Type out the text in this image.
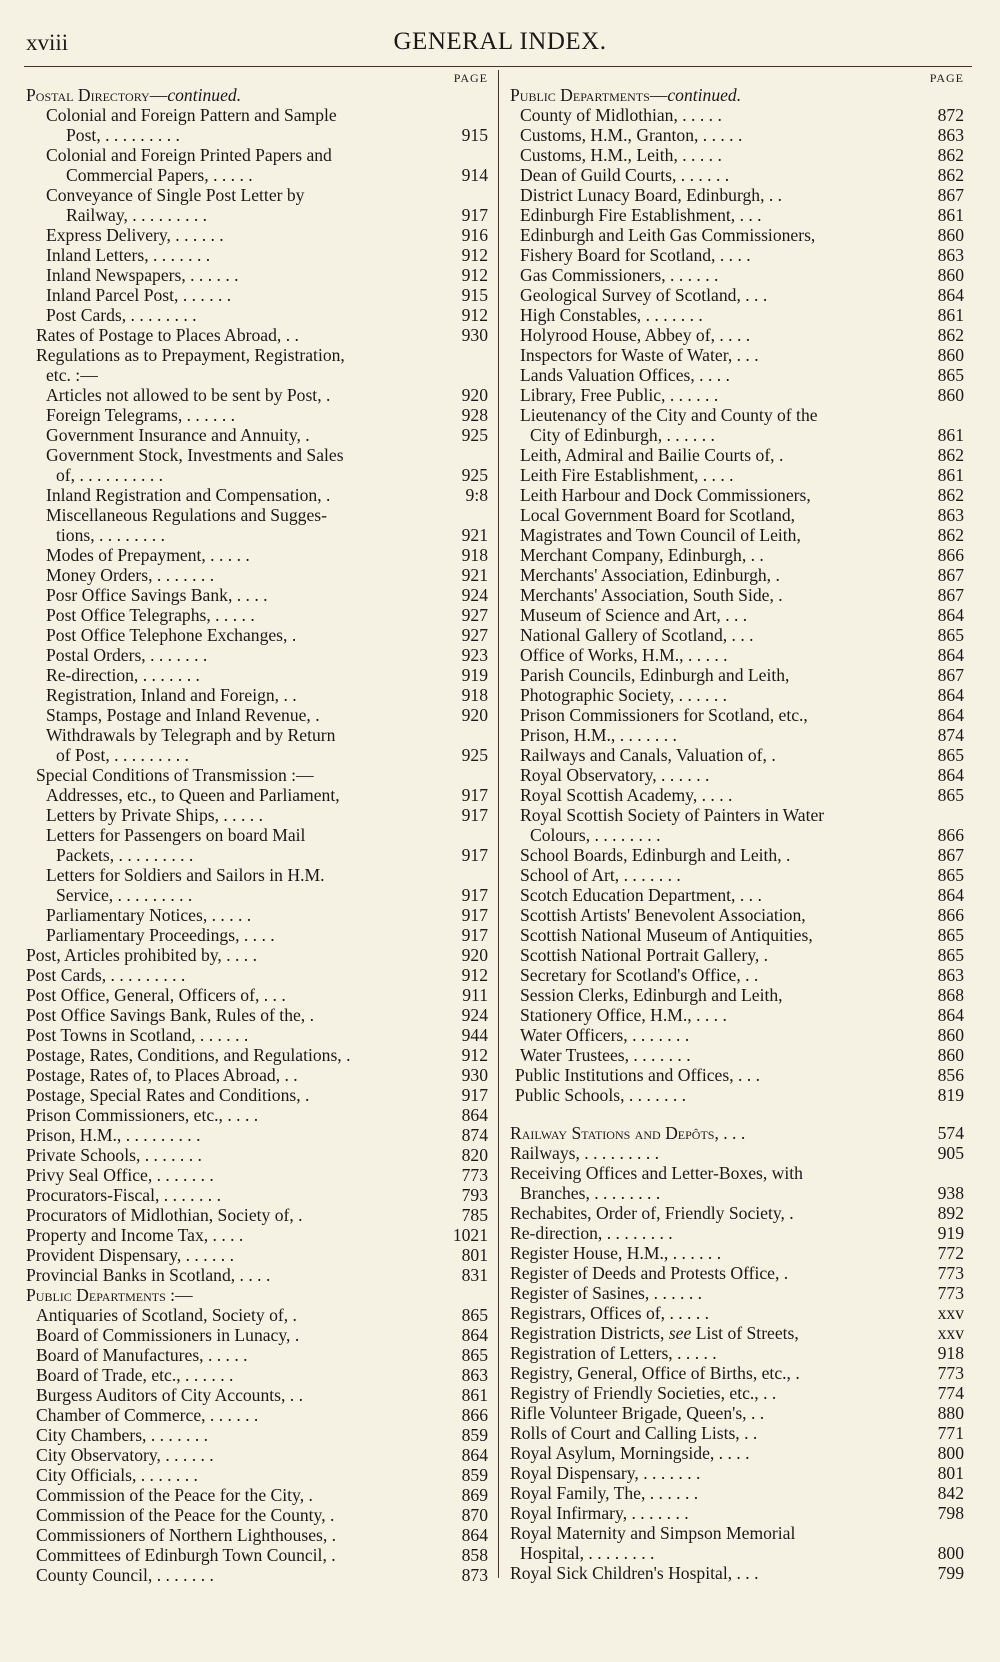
xviii	GENERAL INDEX.
PAGE
Postal Directory—continued.
Colonial and Foreign Pattern and Sample
Post, . . . . . . . . .	915
Colonial and Foreign Printed Papers and
Commercial Papers, . . . . .	914
Conveyance of Single Post Letter by
Railway, . . . . . . . . .	917
Express Delivery, . . . . . .	916
Inland Letters, . . . . . . .	912
Inland Newspapers, . . . . . .	912
Inland Parcel Post, . . . . . .	915
Post Cards, . . . . . . . .	912
Rates of Postage to Places Abroad, . .	930
Regulations as to Prepayment, Registration,
etc. :—
Articles not allowed to be sent by Post, .	920
Foreign Telegrams, . . . . . .	928
Government Insurance and Annuity, .	925
Government Stock, Investments and Sales
of, . . . . . . . . . .	925
Inland Registration and Compensation, .	9:8
Miscellaneous Regulations and Sugges-
tions, . . . . . . . .	921
Modes of Prepayment, . . . . .	918
Money Orders, . . . . . . .	921
Posr Office Savings Bank, . . . .	924
Post Office Telegraphs, . . . . .	927
Post Office Telephone Exchanges, .	927
Postal Orders, . . . . . . .	923
Re-direction, . . . . . . .	919
Registration, Inland and Foreign, . .	918
Stamps, Postage and Inland Revenue, .	920
Withdrawals by Telegraph and by Return
of Post, . . . . . . . . .	925
Special Conditions of Transmission :—
Addresses, etc., to Queen and Parliament,	917
Letters by Private Ships, . . . . .	917
Letters for Passengers on board Mail
Packets, . . . . . . . . .	917
Letters for Soldiers and Sailors in H.M.
Service, . . . . . . . . .	917
Parliamentary Notices, . . . . .	917
Parliamentary Proceedings, . . . .	917
Post, Articles prohibited by, . . . .	920
Post Cards, . . . . . . . . .	912
Post Office, General, Officers of, . . .	911
Post Office Savings Bank, Rules of the, .	924
Post Towns in Scotland, . . . . . .	944
Postage, Rates, Conditions, and Regulations, .	912
Postage, Rates of, to Places Abroad, . .	930
Postage, Special Rates and Conditions, .	917
Prison Commissioners, etc., . . . .	864
Prison, H.M., . . . . . . . . .	874
Private Schools, . . . . . . .	820
Privy Seal Office, . . . . . . .	773
Procurators-Fiscal, . . . . . . .	793
Procurators of Midlothian, Society of, .	785
Property and Income Tax, . . . .	1021
Provident Dispensary, . . . . . .	801
Provincial Banks in Scotland, . . . .	831
Public Departments :—
Antiquaries of Scotland, Society of, .	865
Board of Commissioners in Lunacy, .	864
Board of Manufactures, . . . . .	865
Board of Trade, etc., . . . . . .	863
Burgess Auditors of City Accounts, . .	861
Chamber of Commerce, . . . . . .	866
City Chambers, . . . . . . .	859
City Observatory, . . . . . .	864
City Officials, . . . . . . .	859
Commission of the Peace for the City, .	869
Commission of the Peace for the County, .	870
Commissioners of Northern Lighthouses, .	864
Committees of Edinburgh Town Council, .	858
County Council, . . . . . . .	873
PAGE
Public Departments—continued.
County of Midlothian, . . . . .	872
Customs, H.M., Granton, . . . . .	863
Customs, H.M., Leith, . . . . .	862
Dean of Guild Courts, . . . . . .	862
District Lunacy Board, Edinburgh, . .	867
Edinburgh Fire Establishment, . . .	861
Edinburgh and Leith Gas Commissioners,	860
Fishery Board for Scotland, . . . .	863
Gas Commissioners, . . . . . .	860
Geological Survey of Scotland, . . .	864
High Constables, . . . . . . .	861
Holyrood House, Abbey of, . . . .	862
Inspectors for Waste of Water, . . .	860
Lands Valuation Offices, . . . .	865
Library, Free Public, . . . . . .	860
Lieutenancy of the City and County of the
City of Edinburgh, . . . . . .	861
Leith, Admiral and Bailie Courts of, .	862
Leith Fire Establishment, . . . .	861
Leith Harbour and Dock Commissioners,	862
Local Government Board for Scotland,	863
Magistrates and Town Council of Leith,	862
Merchant Company, Edinburgh, . .	866
Merchants' Association, Edinburgh, .	867
Merchants' Association, South Side, .	867
Museum of Science and Art, . . .	864
National Gallery of Scotland, . . .	865
Office of Works, H.M., . . . . .	864
Parish Councils, Edinburgh and Leith,	867
Photographic Society, . . . . . .	864
Prison Commissioners for Scotland, etc.,	864
Prison, H.M., . . . . . . .	874
Railways and Canals, Valuation of, .	865
Royal Observatory, . . . . . .	864
Royal Scottish Academy, . . . .	865
Royal Scottish Society of Painters in Water
Colours, . . . . . . . .	866
School Boards, Edinburgh and Leith, .	867
School of Art, . . . . . . .	865
Scotch Education Department, . . .	864
Scottish Artists' Benevolent Association,	866
Scottish National Museum of Antiquities,	865
Scottish National Portrait Gallery, .	865
Secretary for Scotland's Office, . .	863
Session Clerks, Edinburgh and Leith,	868
Stationery Office, H.M., . . . .	864
Water Officers, . . . . . . .	860
Water Trustees, . . . . . . .	860
Public Institutions and Offices, . . .	856
Public Schools, . . . . . . .	819
Railway Stations and Depôts, . . .	574
Railways, . . . . . . . . .	905
Receiving Offices and Letter-Boxes, with
Branches, . . . . . . . .	938
Rechabites, Order of, Friendly Society, .	892
Re-direction, . . . . . . . .	919
Register House, H.M., . . . . . .	772
Register of Deeds and Protests Office, .	773
Register of Sasines, . . . . . .	773
Registrars, Offices of, . . . . .	xxv
Registration Districts, see List of Streets,	xxv
Registration of Letters, . . . . .	918
Registry, General, Office of Births, etc., .	773
Registry of Friendly Societies, etc., . .	774
Rifle Volunteer Brigade, Queen's, . .	880
Rolls of Court and Calling Lists, . .	771
Royal Asylum, Morningside, . . . .	800
Royal Dispensary, . . . . . . .	801
Royal Family, The, . . . . . .	842
Royal Infirmary, . . . . . . .	798
Royal Maternity and Simpson Memorial
Hospital, . . . . . . . .	800
Royal Sick Children's Hospital, . . .	799
